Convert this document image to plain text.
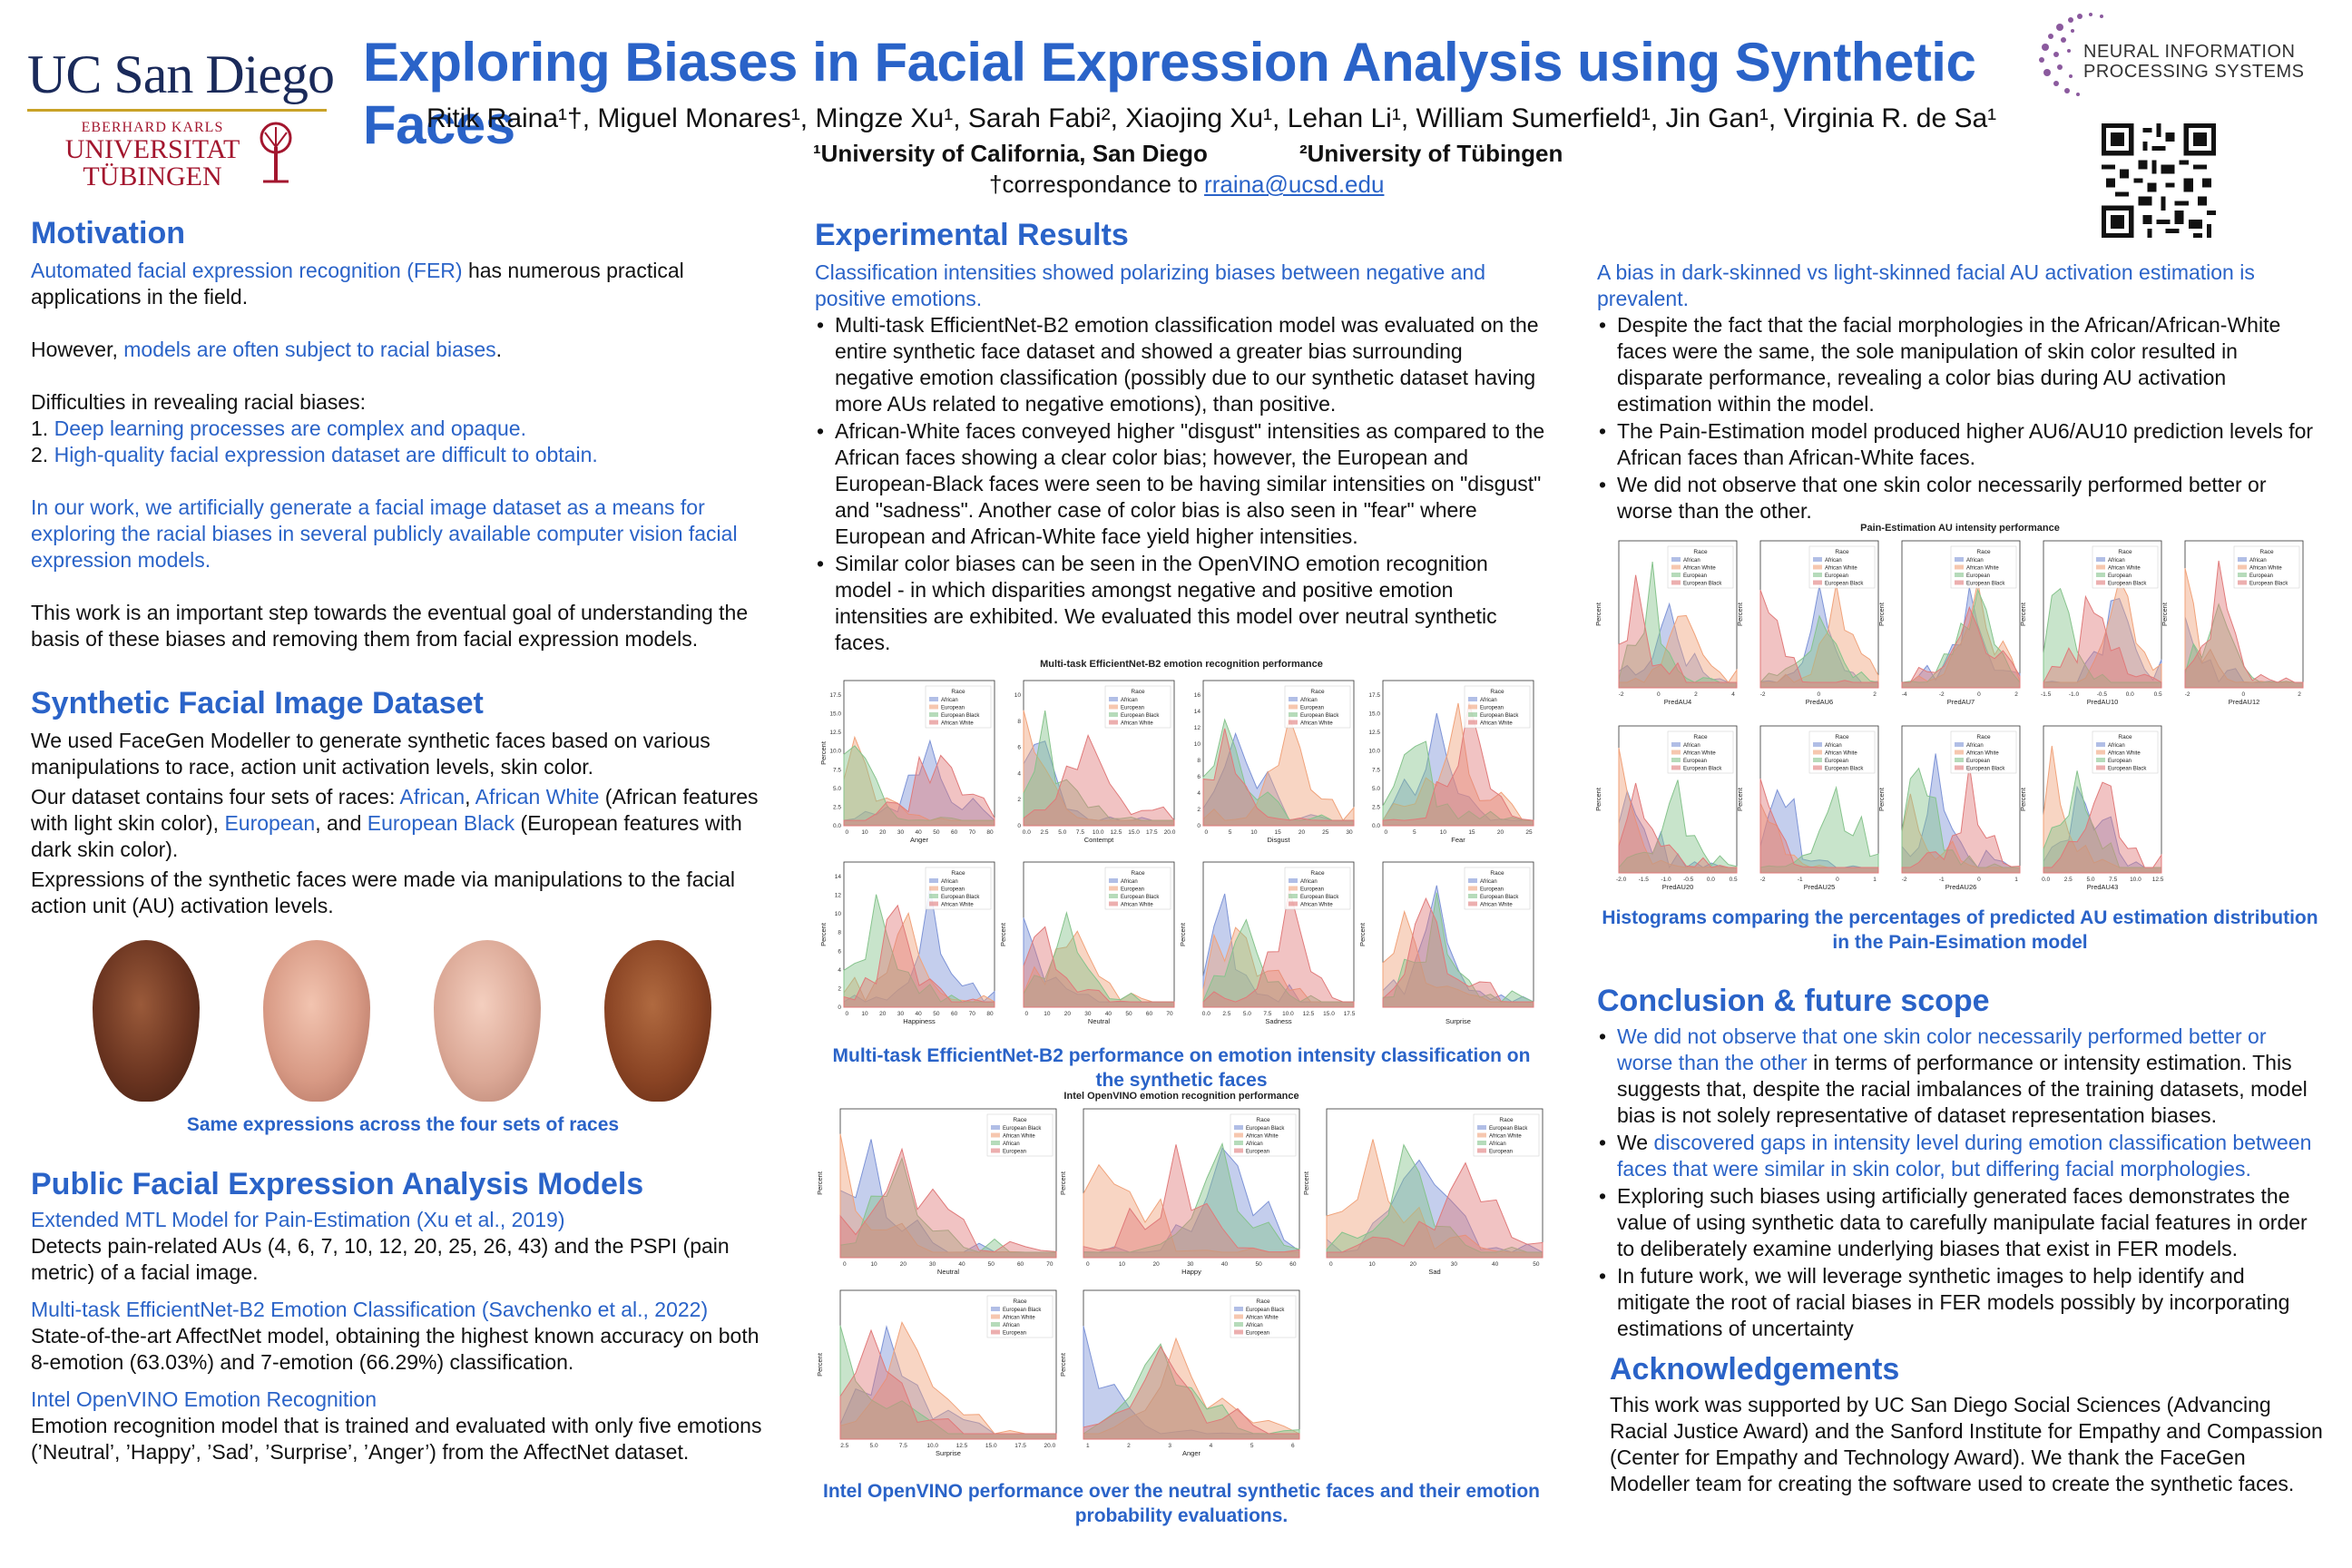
UC San Diego
EBERHARD KARLS
UNIVERSITAT
TÜBINGEN
NEURAL INFORMATION
PROCESSING SYSTEMS
Exploring Biases in Facial Expression Analysis using Synthetic Faces
Ritik Raina¹†, Miguel Monares¹, Mingze Xu¹, Sarah Fabi², Xiaojing Xu¹, Lehan Li¹, William Sumerfield¹, Jin Gan¹, Virginia R. de Sa¹
¹University of California, San Diego	²University of Tübingen
†correspondance to rraina@ucsd.edu
Motivation
Automated facial expression recognition (FER) has numerous practical applications in the field.
However, models are often subject to racial biases.
Difficulties in revealing racial biases:
1. Deep learning processes are complex and opaque.
2. High-quality facial expression dataset are difficult to obtain.
In our work, we artificially generate a facial image dataset as a means for exploring the racial biases in several publicly available computer vision facial expression models.
This work is an important step towards the eventual goal of understanding the basis of these biases and removing them from facial expression models.
Synthetic Facial Image Dataset
We used FaceGen Modeller to generate synthetic faces based on various manipulations to race, action unit activation levels, skin color.
Our dataset contains four sets of races: African, African White (African features with light skin color), European, and European Black (European features with dark skin color).
Expressions of the synthetic faces were made via manipulations to the facial action unit (AU) activation levels.
Same expressions across the four sets of races
Public Facial Expression Analysis Models
Extended MTL Model for Pain-Estimation (Xu et al., 2019)
Detects pain-related AUs (4, 6, 7, 10, 12, 20, 25, 26, 43) and the PSPI (pain metric) of a facial image.
Multi-task EfficientNet-B2 Emotion Classification (Savchenko et al., 2022)
State-of-the-art AffectNet model, obtaining the highest known accuracy on both 8-emotion (63.03%) and 7-emotion (66.29%) classification.
Intel OpenVINO Emotion Recognition
Emotion recognition model that is trained and evaluated with only five emotions (’Neutral’, ’Happy’, ’Sad’, ’Surprise’, ’Anger’) from the AffectNet dataset.
Experimental Results
Classification intensities showed polarizing biases between negative and positive emotions.
• Multi-task EfficientNet-B2 emotion classification model was evaluated on the entire synthetic face dataset and showed a greater bias surrounding negative emotion classification (possibly due to our synthetic dataset having more AUs related to negative emotions), than positive.
• African-White faces conveyed higher "disgust" intensities as compared to the African faces showing a clear color bias; however, the European and European-Black faces were seen to be having similar intensities on "disgust" and "sadness". Another case of color bias is also seen in "fear" where European and African-White face yield higher intensities.
• Similar color biases can be seen in the OpenVINO emotion recognition model - in which disparities amongst negative and positive emotion intensities are exhibited. We evaluated this model over neutral synthetic faces.
Multi-task EfficientNet-B2 emotion recognition performance
Race
African
European
European Black
African White
0 10 20 30 40 50 60 70 80
0.0
2.5
5.0
7.5
10.0
12.5
15.0
17.5
Anger
Percent
Race
African
European
European Black
African White
0.0 2.5 5.0 7.5 10.0 12.5 15.0 17.5 20.0
0
2
4
6
8
10
Contempt
Race
African
European
European Black
African White
0	5	10	15	20	25	30
0
2
4
6
8
10
12
14
16
Disgust
Race
African
European
European Black
African White
0	5	10	15	20	25
0.0
2.5
5.0
7.5
10.0
12.5
15.0
17.5
Fear
Race
African
European
European Black
African White
0 10 20 30 40 50 60 70 80
0
2
4
6
8
10
12
14
Happiness
Percent
Race
African
European
European Black
African White
0	10 20 30 40 50 60 70
Neutral
Percent
Race
African
European
European Black
African White
0.0 2.5 5.0 7.5 10.0 12.5 15.0 17.5
Sadness
Percent
Race
African
European
European Black
African White
Surprise
Percent
Multi-task EfficientNet-B2 performance on emotion intensity classification on the synthetic faces
Intel OpenVINO emotion recognition performance
Race
European Black
African White
African
European
0	10	20	30	40	50	60	70
Neutral
Percent
Race
European Black
African White
African
European
0	10	20	30	40	50	60
Happy
Percent
Race
European Black
African White
African
European
0	10	20	30	40	50
Sad
Percent
Race
European Black
African White
African
European
2.5	5.0	7.5	10.0	12.5	15.0	17.5	20.0
Surprise
Percent
Race
European Black
African White
African
European
1	2	3	4	5	6
Anger
Percent
Intel OpenVINO performance over the neutral synthetic faces and their emotion probability evaluations.
A bias in dark-skinned vs light-skinned facial AU activation estimation is prevalent.
• Despite the fact that the facial morphologies in the African/African-White faces were the same, the sole manipulation of skin color resulted in disparate performance, revealing a color bias during AU activation estimation within the model.
• The Pain-Estimation model produced higher AU6/AU10 prediction levels for African faces than African-White faces.
• We did not observe that one skin color necessarily performed better or worse than the other.
Pain-Estimation AU intensity performance
Race
African
African White
European
European Black
-2	0	2	4
PredAU4
Percent
Race
African
African White
European
European Black
-2	0	2
PredAU6
Percent
Race
African
African White
European
European Black
-4	-2	0	2
PredAU7
Percent
Race
African
African White
European
European Black
-1.5	-1.0	-0.5	0.0	0.5
PredAU10
Percent
Race
African
African White
European
European Black
-2	0	2
PredAU12
Percent
Race
African
African White
European
European Black
-2.0 -1.5 -1.0 -0.5 0.0 0.5
PredAU20
Percent
Race
African
African White
European
European Black
-2	-1	0	1
PredAU25
Percent
Race
African
African White
European
European Black
-2	-1	0	1
PredAU26
Percent
Race
African
African White
European
European Black
0.0 2.5 5.0 7.5 10.0 12.5
PredAU43
Percent
Histograms comparing the percentages of predicted AU estimation distribution in the Pain-Esimation model
Conclusion & future scope
• We did not observe that one skin color necessarily performed better or worse than the other in terms of performance or intensity estimation. This suggests that, despite the racial imbalances of the training datasets, model bias is not solely representative of dataset representation biases.
• We discovered gaps in intensity level during emotion classification between faces that were similar in skin color, but differing facial morphologies.
• Exploring such biases using artificially generated faces demonstrates the value of using synthetic data to carefully manipulate facial features in order to deliberately examine underlying biases that exist in FER models.
• In future work, we will leverage synthetic images to help identify and mitigate the root of racial biases in FER models possibly by incorporating estimations of uncertainty
Acknowledgements
This work was supported by UC San Diego Social Sciences (Advancing Racial Justice Award) and the Sanford Institute for Empathy and Compassion (Center for Empathy and Technology Award). We thank the FaceGen Modeller team for creating the software used to create the synthetic faces.
